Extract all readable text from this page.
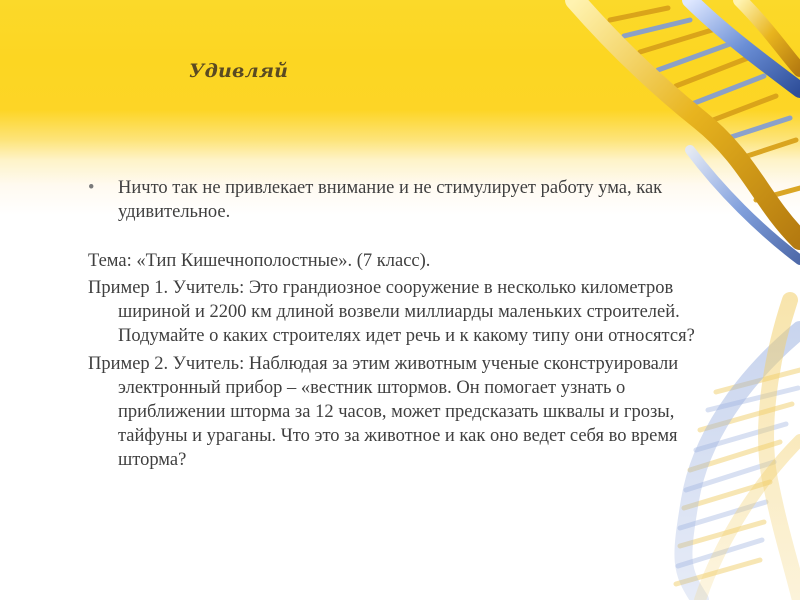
Удивляй
• Ничто так не привлекает внимание и не стимулирует работу ума, как удивительное.

Тема: «Тип Кишечнополостные». (7 класс).

Пример 1. Учитель: Это грандиозное сооружение в несколько километров шириной и 2200 км длиной возвели миллиарды маленьких строителей. Подумайте о каких строителях идет речь и к какому типу они относятся?

Пример 2. Учитель: Наблюдая за этим животным ученые сконструировали электронный прибор – «вестник штормов. Он помогает узнать о приближении шторма за 12 часов, может предсказать шквалы и грозы, тайфуны и ураганы. Что это за животное и как оно ведет себя во время шторма?
